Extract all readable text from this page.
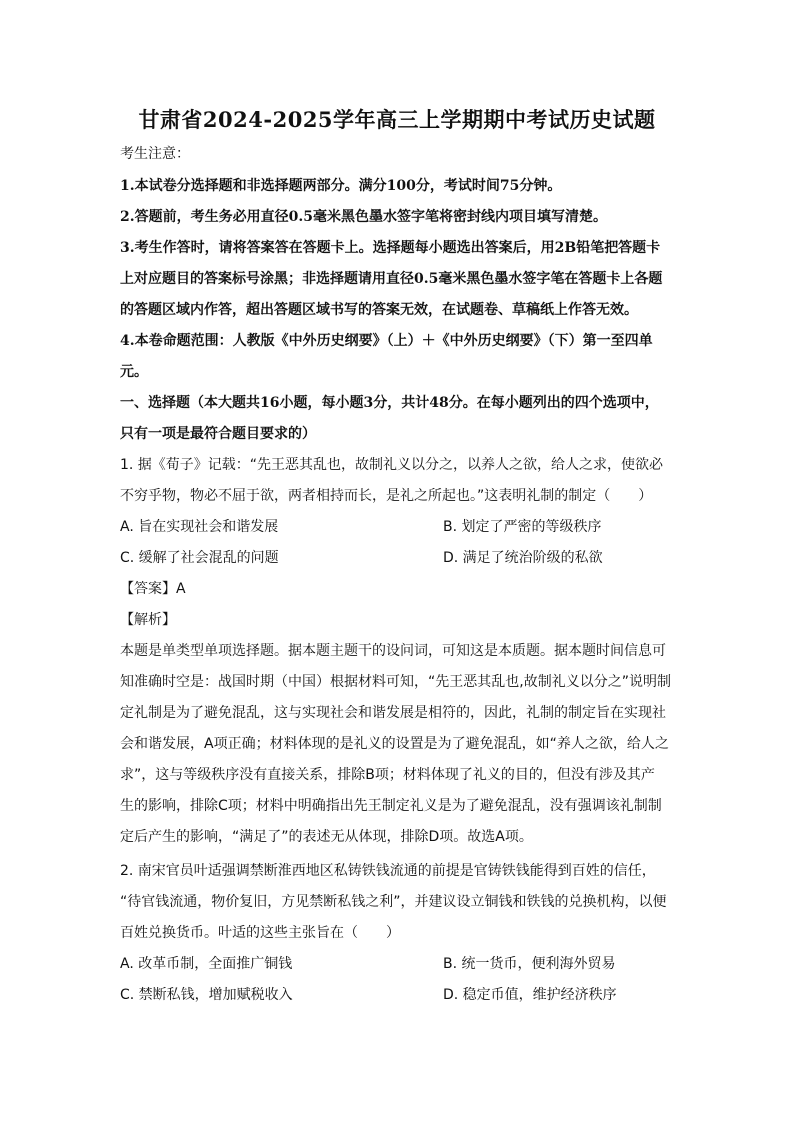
甘肃省2024-2025学年高三上学期期中考试历史试题
考生注意：
1.本试卷分选择题和非选择题两部分。满分100分，考试时间75分钟。
2.答题前，考生务必用直径0.5毫米黑色墨水签字笔将密封线内项目填写清楚。
3.考生作答时，请将答案答在答题卡上。选择题每小题选出答案后，用2B铅笔把答题卡
上对应题目的答案标号涂黑；非选择题请用直径0.5毫米黑色墨水签字笔在答题卡上各题
的答题区域内作答，超出答题区域书写的答案无效，在试题卷、草稿纸上作答无效。
4.本卷命题范围：人教版《中外历史纲要》（上）＋《中外历史纲要》（下）第一至四单
元。
一、选择题（本大题共16小题，每小题3分，共计48分。在每小题列出的四个选项中，
只有一项是最符合题目要求的）
1. 据《荀子》记载：“先王恶其乱也，故制礼义以分之，以养人之欲，给人之求，使欲必
不穷乎物，物必不屈于欲，两者相持而长，是礼之所起也。”这表明礼制的制定（　　）
A. 旨在实现社会和谐发展	B. 划定了严密的等级秩序
C. 缓解了社会混乱的问题	D. 满足了统治阶级的私欲
【答案】A
【解析】
本题是单类型单项选择题。据本题主题干的设问词，可知这是本质题。据本题时间信息可
知准确时空是：战国时期（中国）根据材料可知，“先王恶其乱也,故制礼义以分之”说明制
定礼制是为了避免混乱，这与实现社会和谐发展是相符的，因此，礼制的制定旨在实现社
会和谐发展，A项正确；材料体现的是礼义的设置是为了避免混乱，如“养人之欲，给人之
求”，这与等级秩序没有直接关系，排除B项；材料体现了礼义的目的，但没有涉及其产
生的影响，排除C项；材料中明确指出先王制定礼义是为了避免混乱，没有强调该礼制制
定后产生的影响，“满足了”的表述无从体现，排除D项。故选A项。
2. 南宋官员叶适强调禁断淮西地区私铸铁钱流通的前提是官铸铁钱能得到百姓的信任，
“待官钱流通，物价复旧，方见禁断私钱之利”，并建议设立铜钱和铁钱的兑换机构，以便
百姓兑换货币。叶适的这些主张旨在（　　）
A. 改革币制，全面推广铜钱	B. 统一货币，便利海外贸易
C. 禁断私钱，增加赋税收入	D. 稳定币值，维护经济秩序
